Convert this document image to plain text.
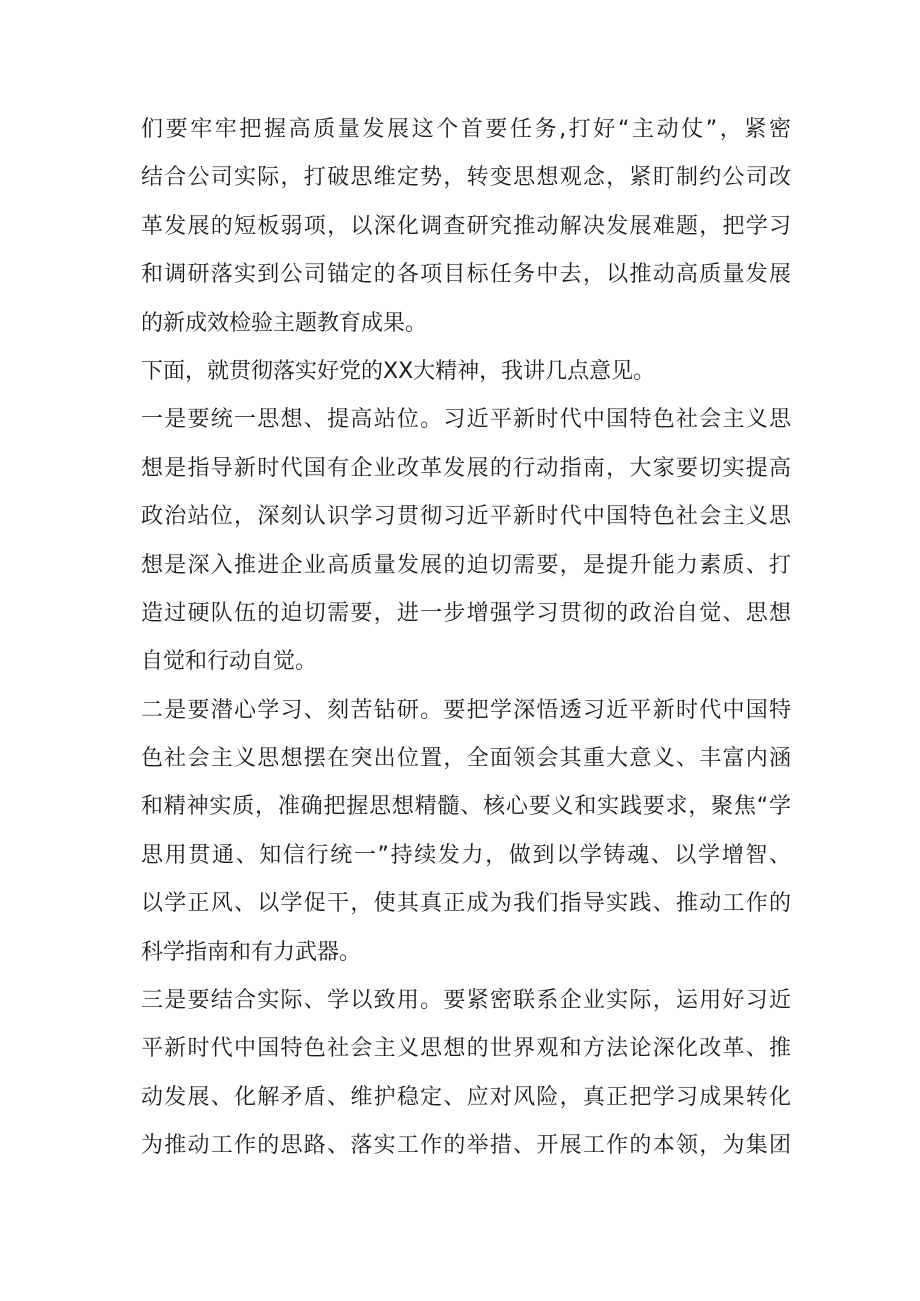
们要牢牢把握高质量发展这个首要任务,打好“主动仗”，紧密
结合公司实际，打破思维定势，转变思想观念，紧盯制约公司改
革发展的短板弱项，以深化调查研究推动解决发展难题，把学习
和调研落实到公司锚定的各项目标任务中去，以推动高质量发展
的新成效检验主题教育成果。
下面，就贯彻落实好党的XX大精神，我讲几点意见。
一是要统一思想、提高站位。习近平新时代中国特色社会主义思
想是指导新时代国有企业改革发展的行动指南，大家要切实提高
政治站位，深刻认识学习贯彻习近平新时代中国特色社会主义思
想是深入推进企业高质量发展的迫切需要，是提升能力素质、打
造过硬队伍的迫切需要，进一步增强学习贯彻的政治自觉、思想
自觉和行动自觉。
二是要潜心学习、刻苦钻研。要把学深悟透习近平新时代中国特
色社会主义思想摆在突出位置，全面领会其重大意义、丰富内涵
和精神实质，准确把握思想精髓、核心要义和实践要求，聚焦“学
思用贯通、知信行统一”持续发力，做到以学铸魂、以学增智、
以学正风、以学促干，使其真正成为我们指导实践、推动工作的
科学指南和有力武器。
三是要结合实际、学以致用。要紧密联系企业实际，运用好习近
平新时代中国特色社会主义思想的世界观和方法论深化改革、推
动发展、化解矛盾、维护稳定、应对风险，真正把学习成果转化
为推动工作的思路、落实工作的举措、开展工作的本领，为集团
